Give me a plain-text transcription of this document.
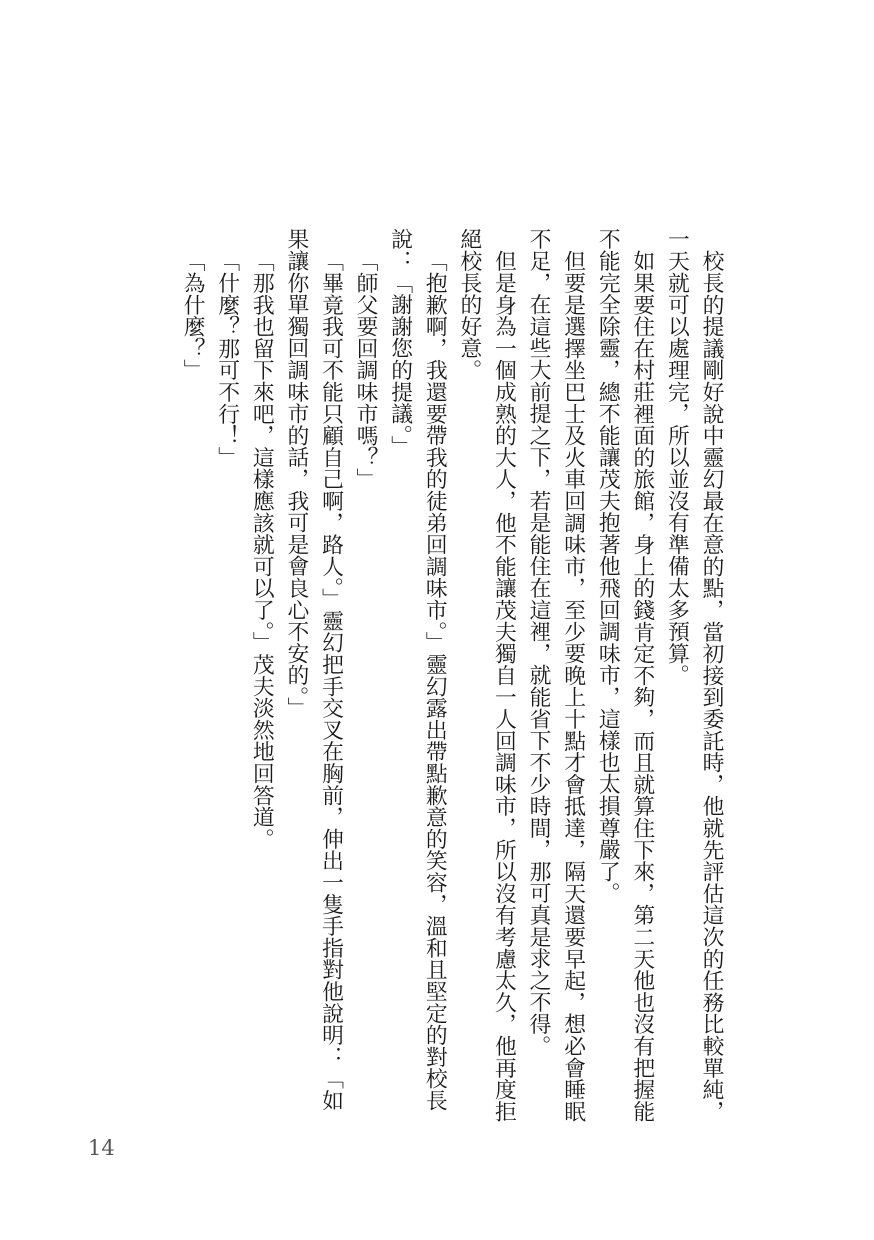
校長的提議剛好說中靈幻最在意的點，當初接到委託時，他就先評估這次的任務比較單純，
一天就可以處理完，所以並沒有準備太多預算。
如果要住在村莊裡面的旅館，身上的錢肯定不夠，而且就算住下來，第二天他也沒有把握能
不能完全除靈，總不能讓茂夫抱著他飛回調味市，這樣也太損尊嚴了。
但要是選擇坐巴士及火車回調味市，至少要晚上十點才會抵達，隔天還要早起，想必會睡眠
不足，在這些大前提之下，若是能住在這裡，就能省下不少時間，那可真是求之不得。
但是身為一個成熟的大人，他不能讓茂夫獨自一人回調味市，所以沒有考慮太久，他再度拒
絕校長的好意。
「抱歉啊，我還要帶我的徒弟回調味市。」靈幻露出帶點歉意的笑容，溫和且堅定的對校長
說：「謝謝您的提議。」
「師父要回調味市嗎？」
「畢竟我可不能只顧自己啊，路人。」靈幻把手交叉在胸前，伸出一隻手指對他說明：「如
果讓你單獨回調味市的話，我可是會良心不安的。」
「那我也留下來吧，這樣應該就可以了。」茂夫淡然地回答道。
「什麼？那可不行！」
「為什麼？」
14
